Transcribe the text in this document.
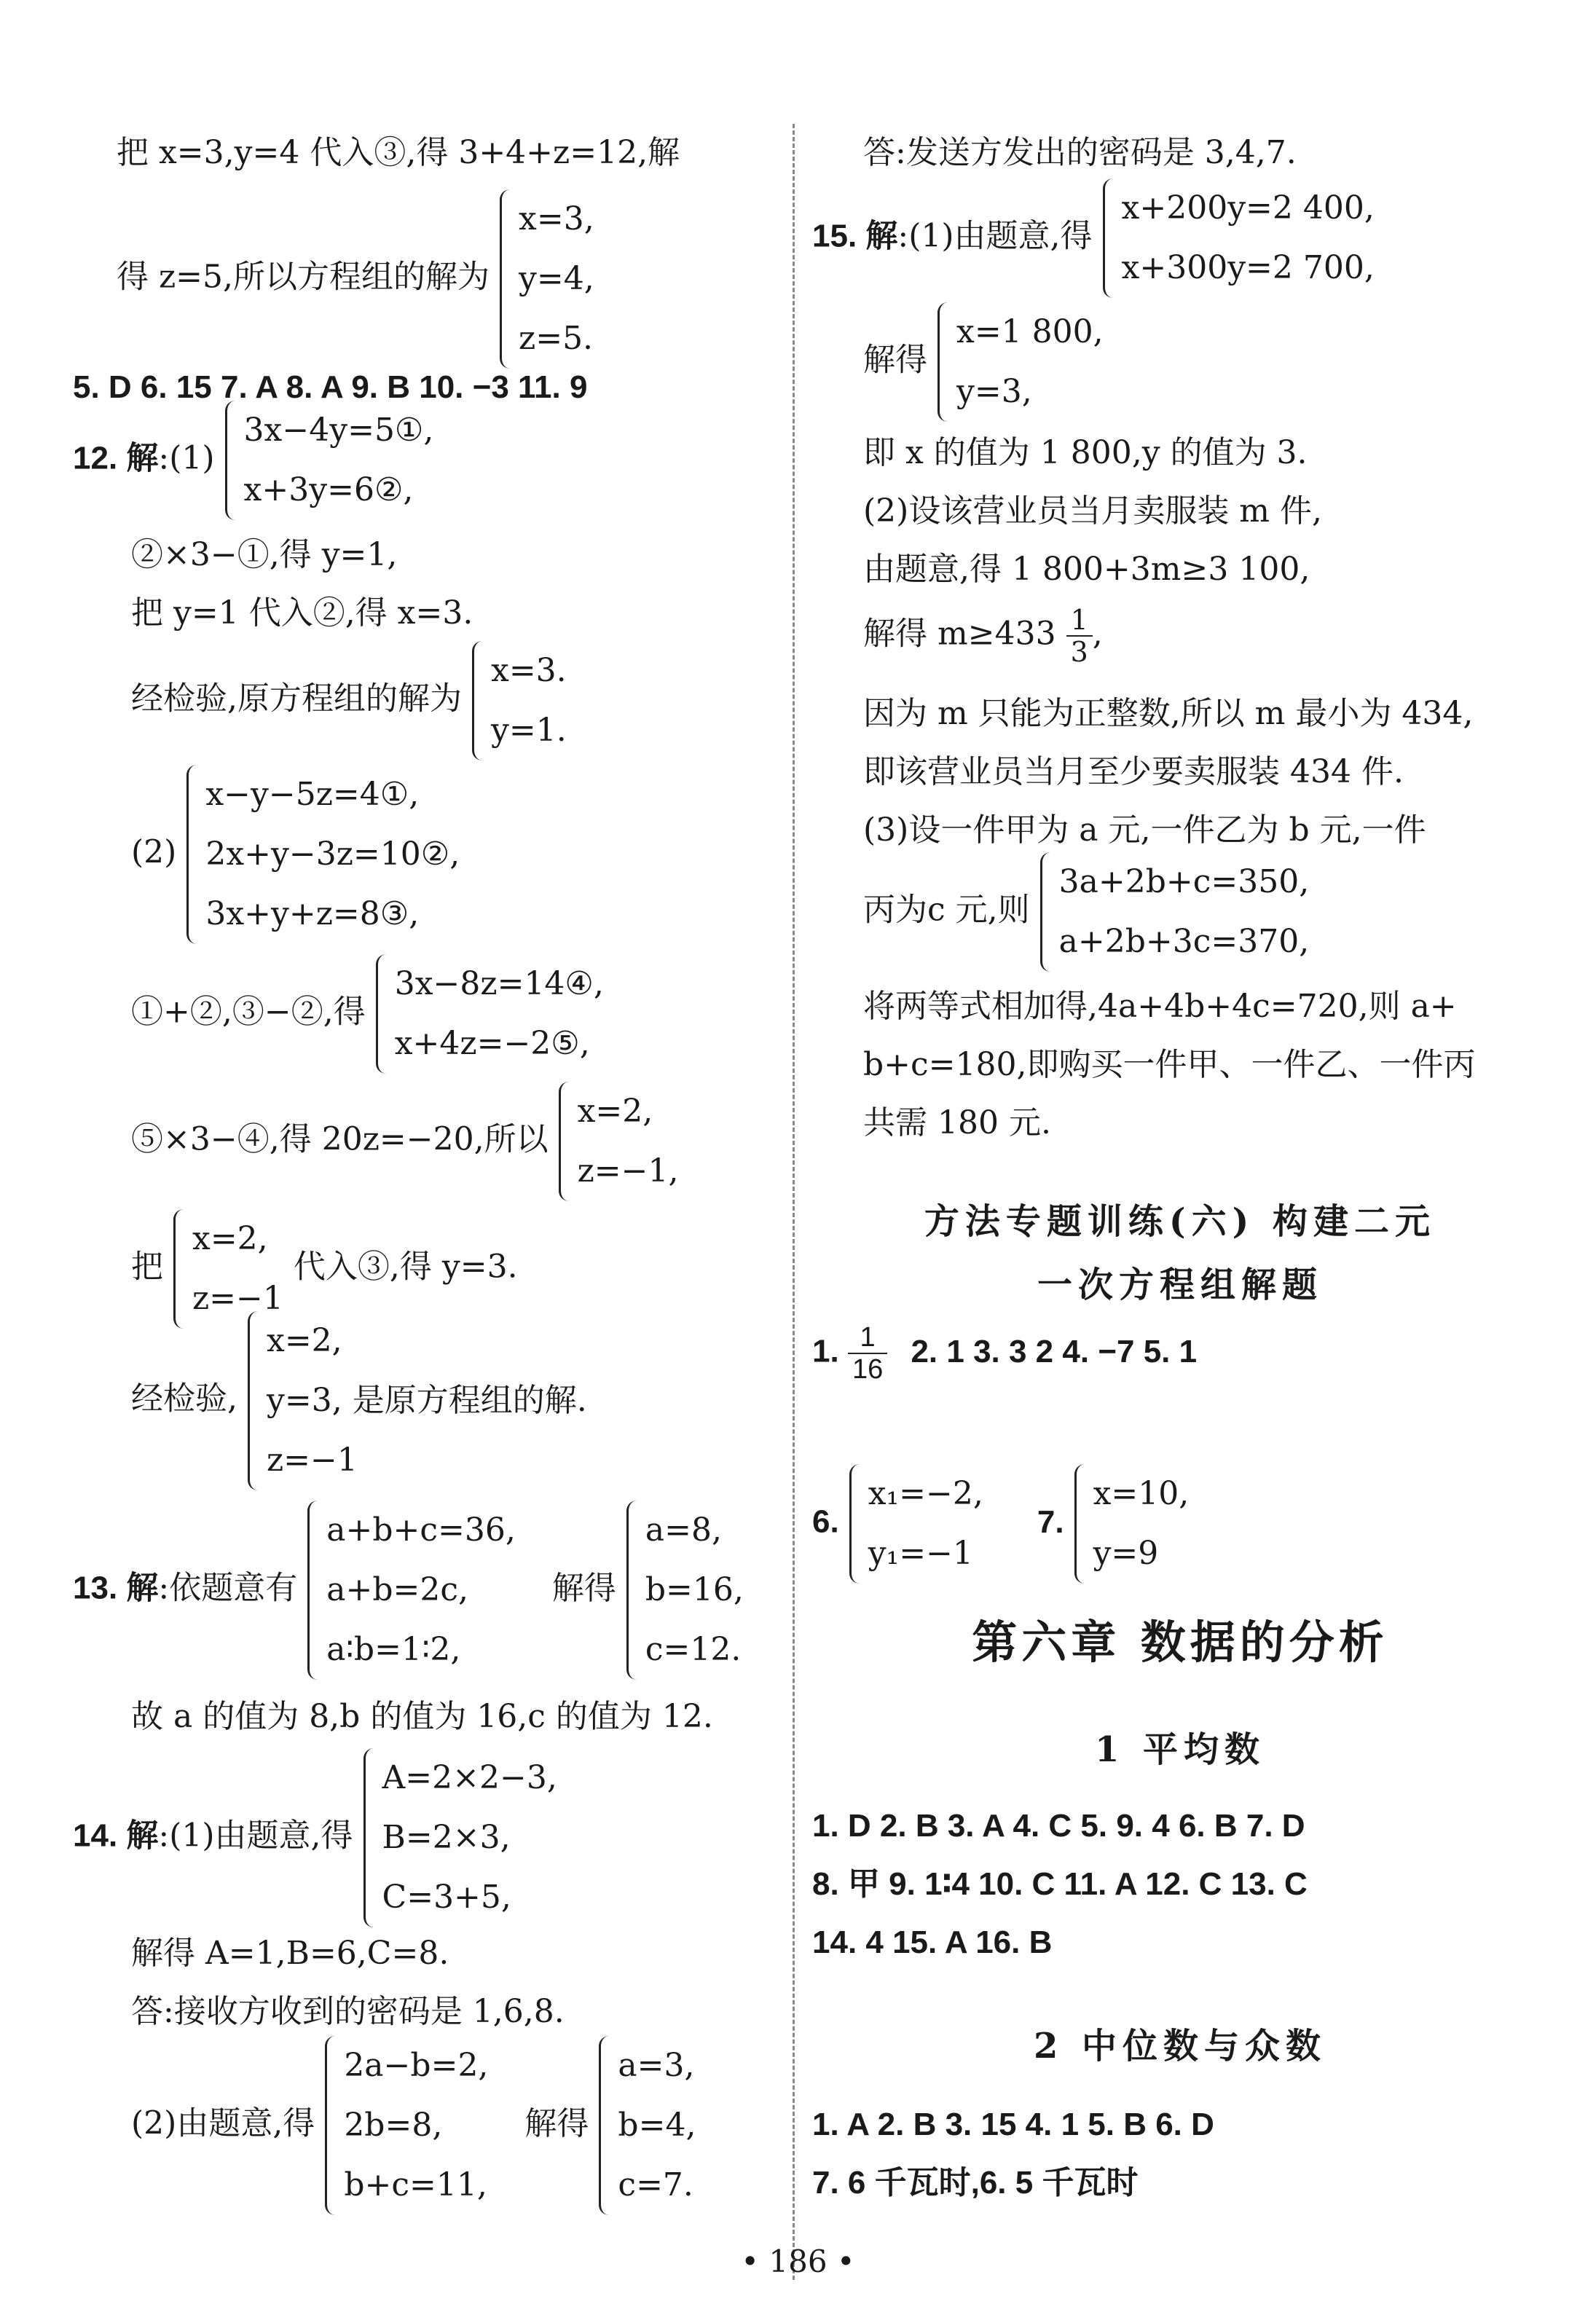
把 x=3,y=4 代入③,得 3+4+z=12,解
得 z=5,所以方程组的解为
x=3,
y=4,
z=5.
5. D 6. 15 7. A 8. A 9. B 10. −3 11. 9
12. 解:(1)
3x−4y=5①,
x+3y=6②,
②×3−①,得 y=1,
把 y=1 代入②,得 x=3.
经检验,原方程组的解为
x=3.
y=1.
(2)
x−y−5z=4①,
2x+y−3z=10②,
3x+y+z=8③,
①+②,③−②,得
3x−8z=14④,
x+4z=−2⑤,
⑤×3−④,得 20z=−20,所以
x=2,
z=−1,
把
x=2,
z=−1
代入③,得 y=3.
经检验,
x=2,
y=3, 是原方程组的解.
z=−1
13. 解:依题意有
a+b+c=36,
a+b=2c,
a∶b=1∶2,
解得
a=8,
b=16,
c=12.
故 a 的值为 8,b 的值为 16,c 的值为 12.
14. 解:(1)由题意,得
A=2×2−3,
B=2×3,
C=3+5,
解得 A=1,B=6,C=8.
答:接收方收到的密码是 1,6,8.
(2)由题意,得
2a−b=2,
2b=8,
b+c=11,
解得
a=3,
b=4,
c=7.
答:发送方发出的密码是 3,4,7.
15. 解:(1)由题意,得
x+200y=2 400,
x+300y=2 700,
解得
x=1 800,
y=3,
即 x 的值为 1 800,y 的值为 3.
(2)设该营业员当月卖服装 m 件,
由题意,得 1 800+3m≥3 100,
解得 $m\ge 433 \frac{1}{3}$ ,
因为 m 只能为正整数,所以 m 最小为 434,
即该营业员当月至少要卖服装 434 件.
(3)设一件甲为 a 元,一件乙为 b 元,一件
丙为c 元,则
3a+2b+c=350,
a+2b+3c=370,
将两等式相加得,4a+4b+4c=720,则 a+
b+c=180,即购买一件甲、一件乙、一件丙
共需 180 元.
方法专题训练(六) 构建二元
一次方程组解题
1. $\frac{1}{16} 2$. 1 3. 3 2 4. −7 5. 1
6.
x₁=−2,
y₁=−1
7.
x=10,
y=9
第六章 数据的分析
1 平均数
1. D 2. B 3. A 4. C 5. 9. 4 6. B 7. D
8. 甲 9. 1∶4 10. C 11. A 12. C 13. C
14. 4 15. A 16. B
2 中位数与众数
1. A 2. B 3. 15 4. 1 5. B 6. D
7. 6 千瓦时,6. 5 千瓦时
• 186 •
